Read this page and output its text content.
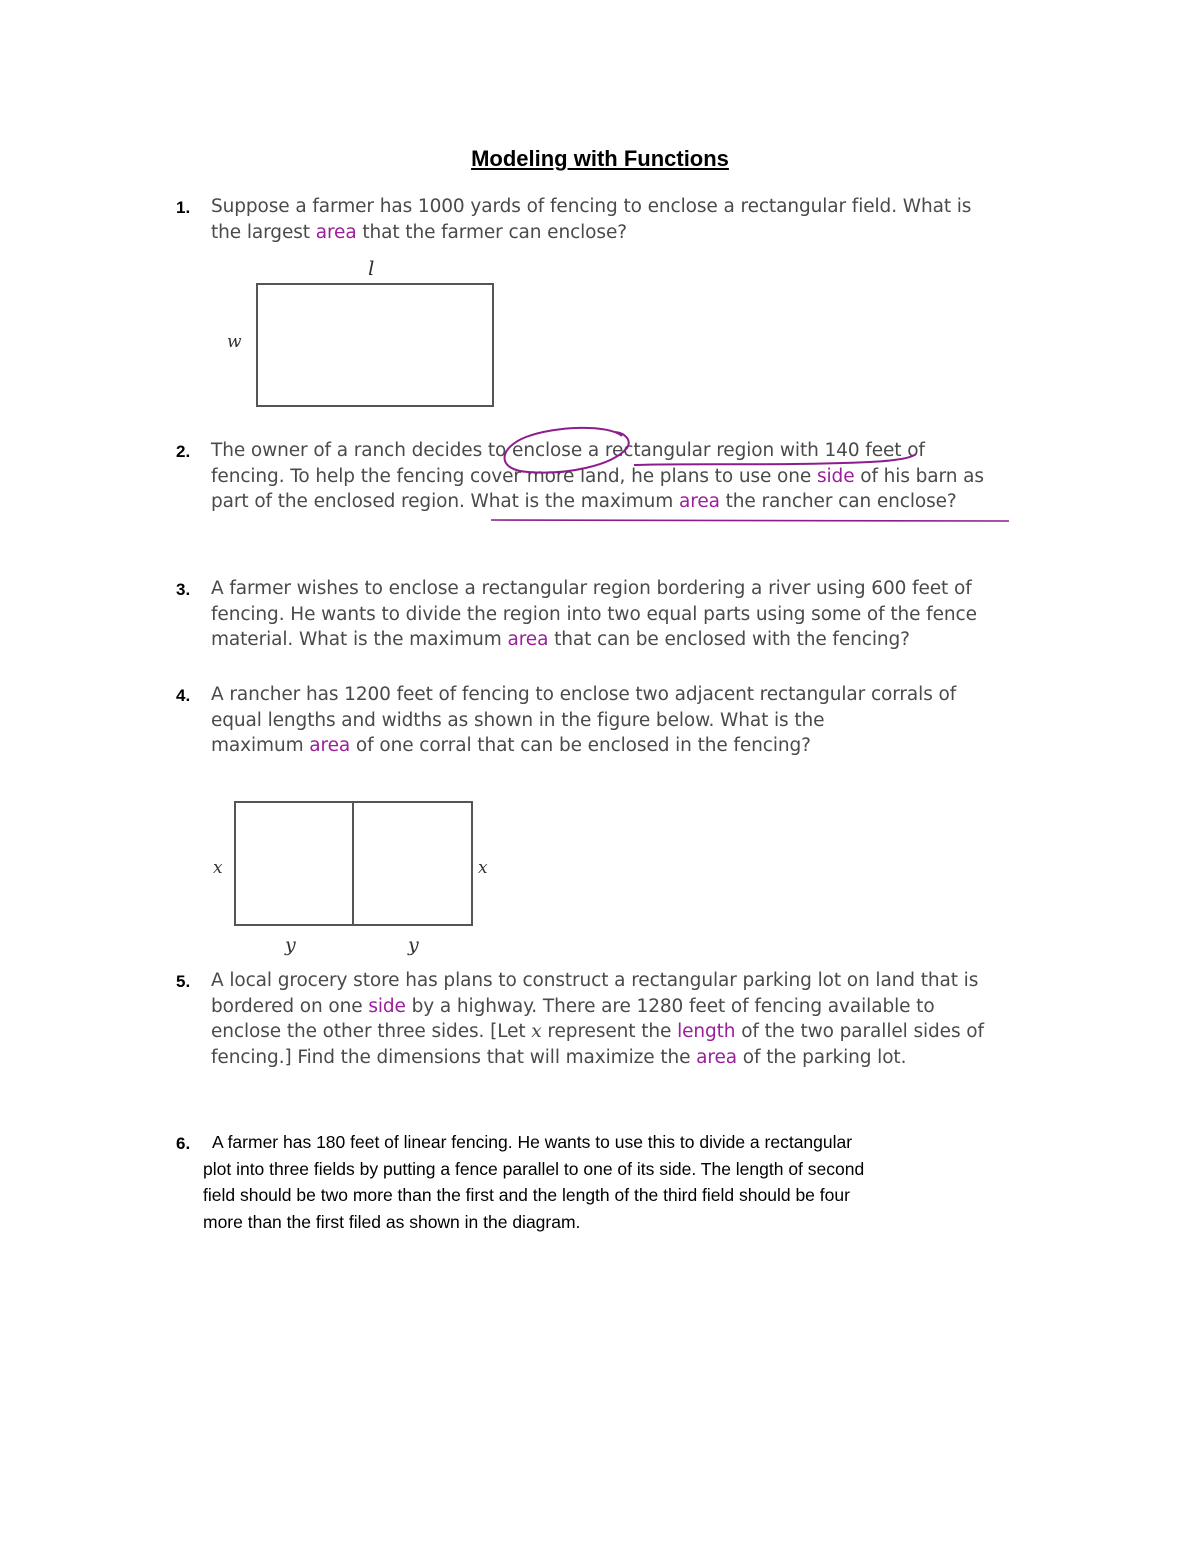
Modeling with Functions
1. Suppose a farmer has 1000 yards of fencing to enclose a rectangular field. What is

the largest area that the farmer can enclose?

l
w
2. The owner of a ranch decides to enclose a rectangular region with 140 feet of

fencing. To help the fencing cover more land, he plans to use one side of his barn as

part of the enclosed region. What is the maximum area the rancher can enclose?

3. A farmer wishes to enclose a rectangular region bordering a river using 600 feet of

fencing. He wants to divide the region into two equal parts using some of the fence

material. What is the maximum area that can be enclosed with the fencing?

4. A rancher has 1200 feet of fencing to enclose two adjacent rectangular corrals of

equal lengths and widths as shown in the figure below. What is the

maximum area of one corral that can be enclosed in the fencing?

x	x
y	y
5. A local grocery store has plans to construct a rectangular parking lot on land that is

bordered on one side by a highway. There are 1280 feet of fencing available to

enclose the other three sides. [Let x represent the length of the two parallel sides of

fencing.] Find the dimensions that will maximize the area of the parking lot.

6.	A farmer has 180 feet of linear fencing. He wants to use this to divide a rectangular

plot into three fields by putting a fence parallel to one of its side. The length of second

field should be two more than the first and the length of the third field should be four

more than the first filed as shown in the diagram.
